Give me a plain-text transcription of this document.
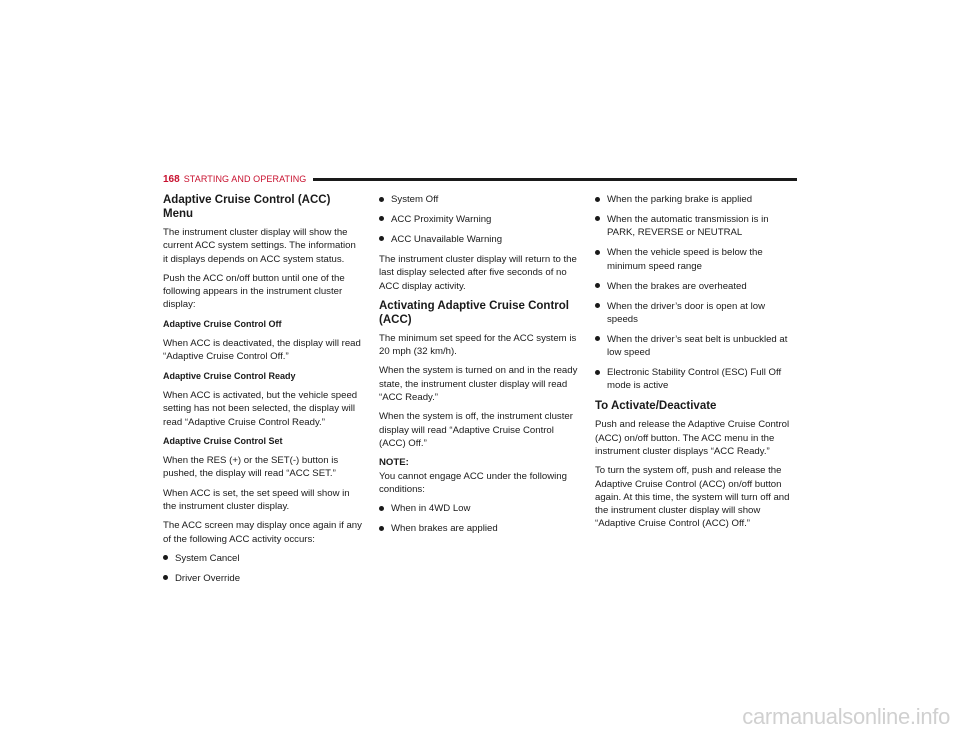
168 STARTING AND OPERATING
Adaptive Cruise Control (ACC) Menu

The instrument cluster display will show the current ACC system settings. The information it displays depends on ACC system status.

Push the ACC on/off button until one of the following appears in the instrument cluster display:

Adaptive Cruise Control Off

When ACC is deactivated, the display will read “Adaptive Cruise Control Off.”

Adaptive Cruise Control Ready

When ACC is activated, but the vehicle speed setting has not been selected, the display will read “Adaptive Cruise Control Ready.”

Adaptive Cruise Control Set

When the RES (+) or the SET(-) button is pushed, the display will read “ACC SET.”

When ACC is set, the set speed will show in the instrument cluster display.

The ACC screen may display once again if any of the following ACC activity occurs:

System Cancel
Driver Override
System Off
ACC Proximity Warning
ACC Unavailable Warning

The instrument cluster display will return to the last display selected after five seconds of no ACC display activity.

Activating Adaptive Cruise Control (ACC)

The minimum set speed for the ACC system is 20 mph (32 km/h).

When the system is turned on and in the ready state, the instrument cluster display will read “ACC Ready.”

When the system is off, the instrument cluster display will read “Adaptive Cruise Control (ACC) Off.”

NOTE:
You cannot engage ACC under the following conditions:

When in 4WD Low
When brakes are applied
When the parking brake is applied
When the automatic transmission is in PARK, REVERSE or NEUTRAL
When the vehicle speed is below the minimum speed range
When the brakes are overheated
When the driver’s door is open at low speeds
When the driver’s seat belt is unbuckled at low speed
Electronic Stability Control (ESC) Full Off mode is active
To Activate/Deactivate

Push and release the Adaptive Cruise Control (ACC) on/off button. The ACC menu in the instrument cluster displays “ACC Ready.”

To turn the system off, push and release the Adaptive Cruise Control (ACC) on/off button again. At this time, the system will turn off and the instrument cluster display will show “Adaptive Cruise Control (ACC) Off.”

carmanualsonline.info
